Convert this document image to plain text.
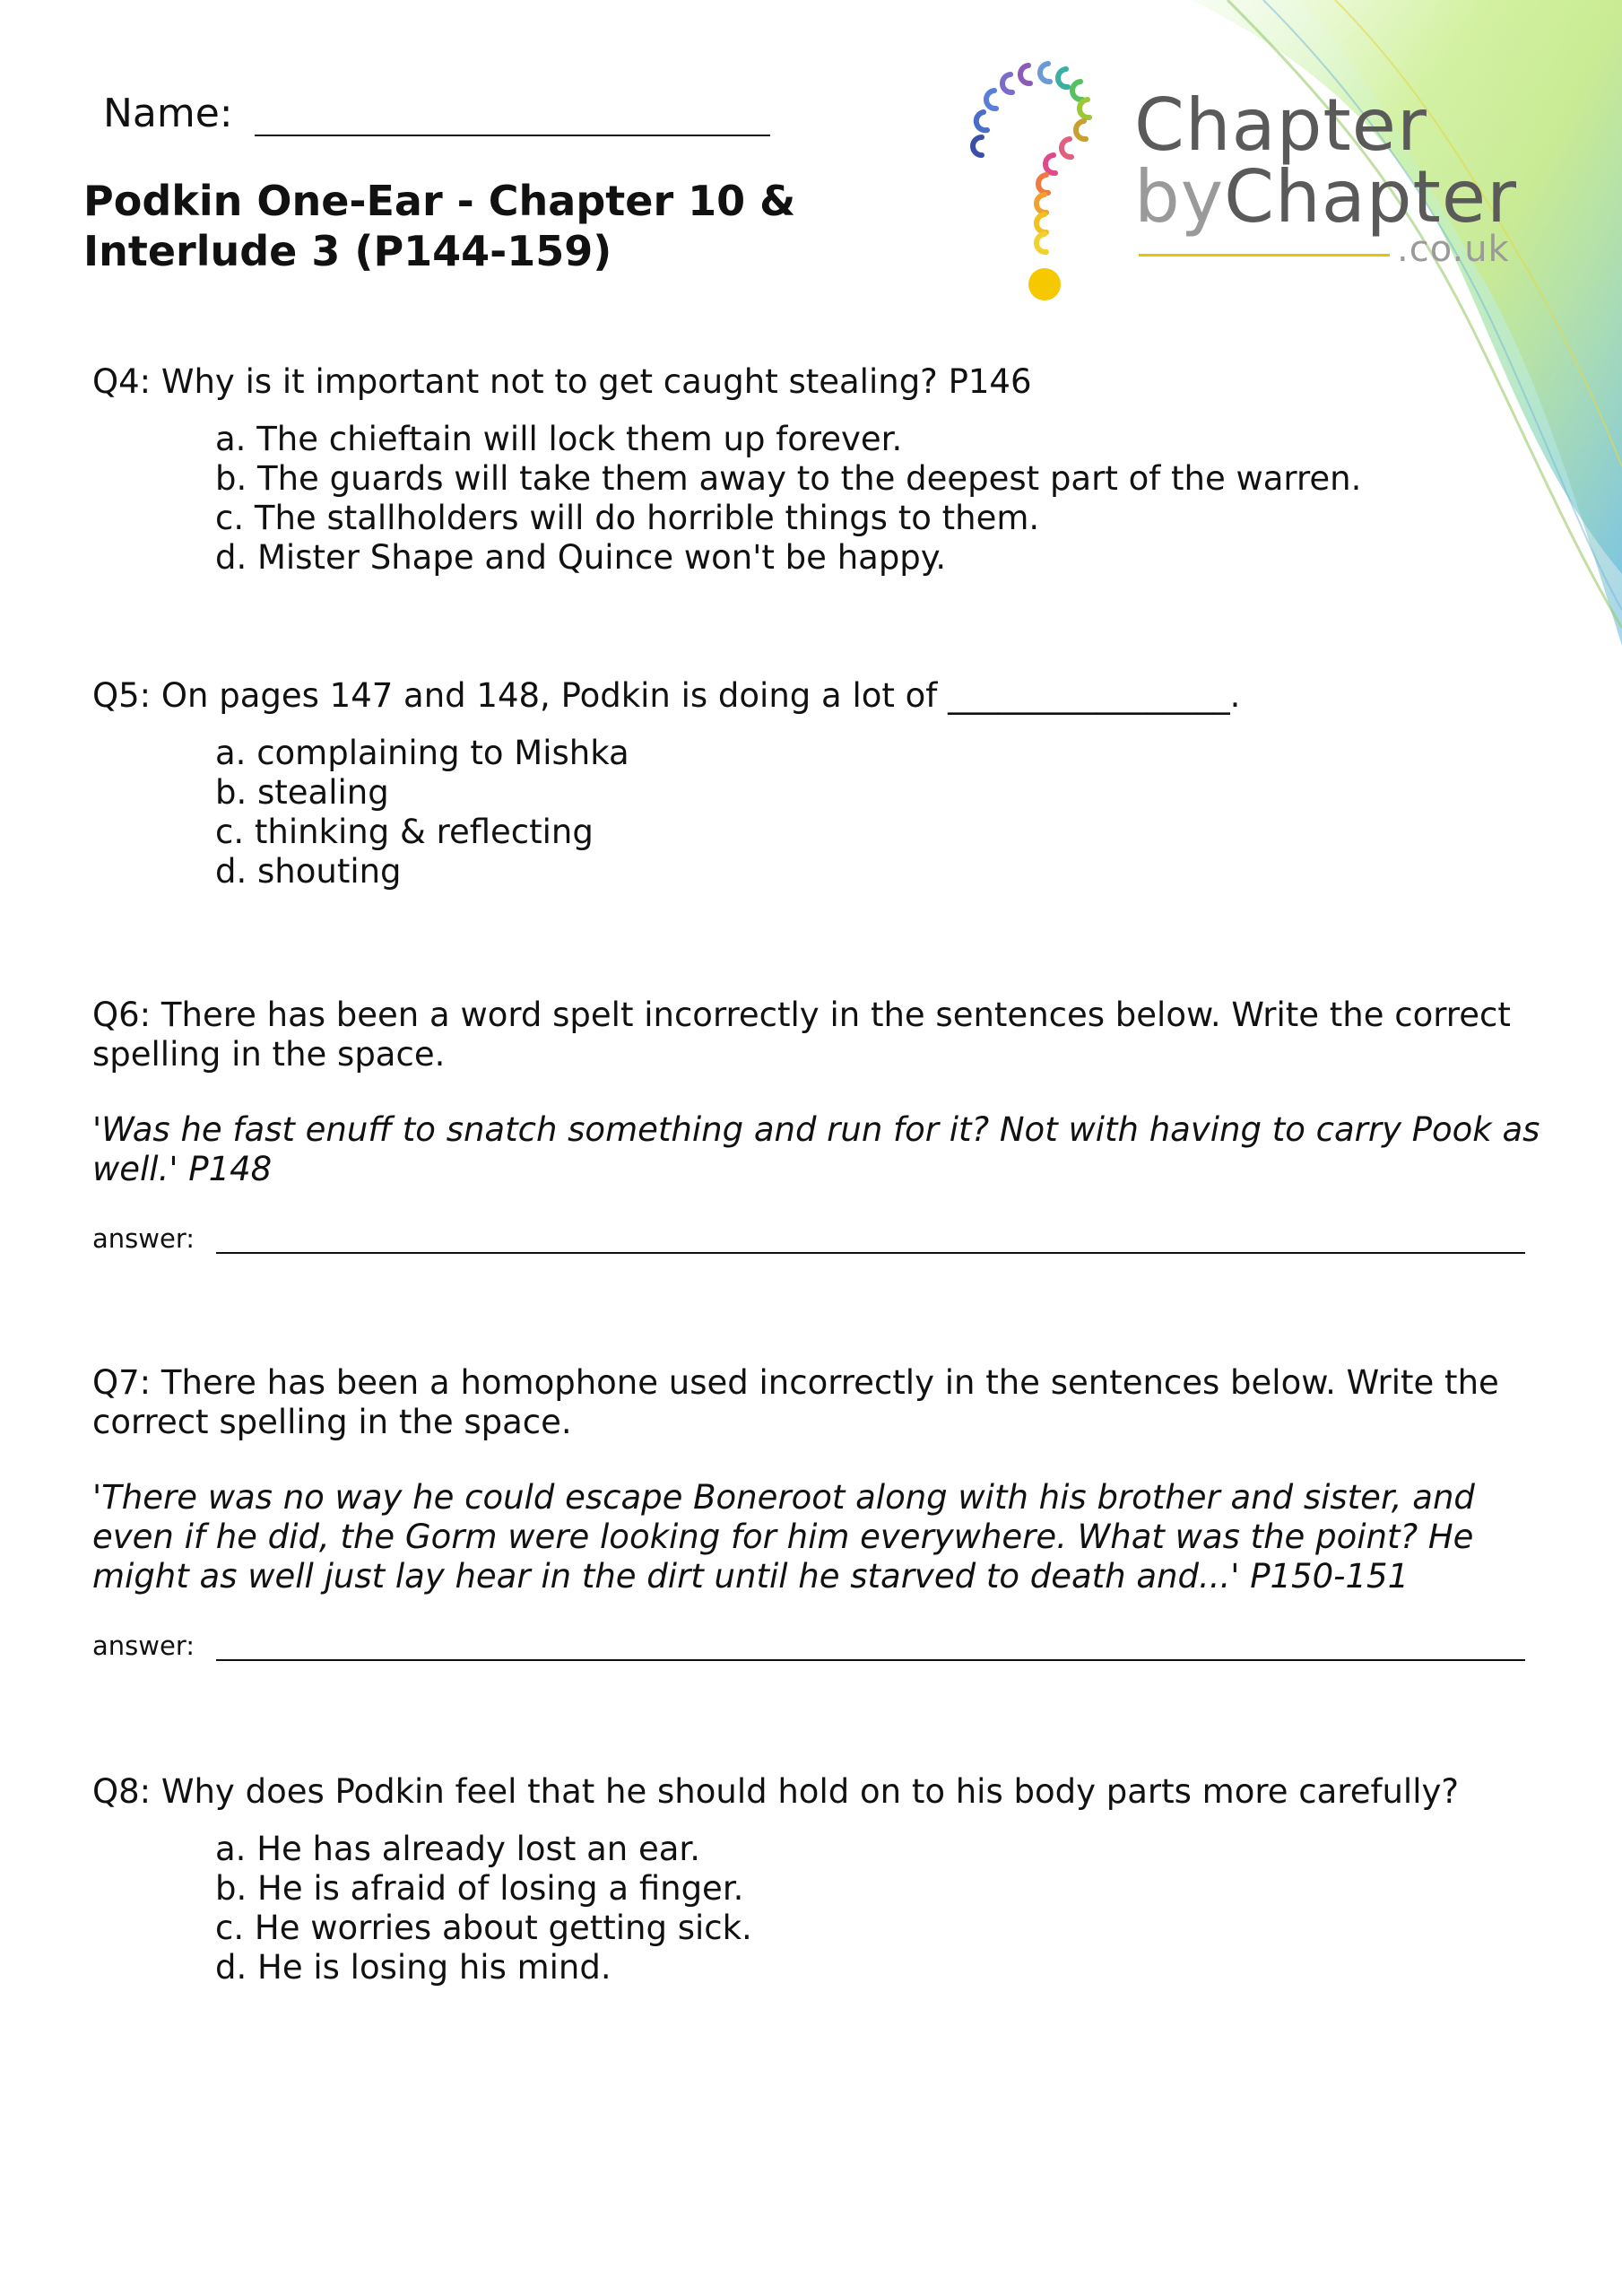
Name:
Podkin One-Ear - Chapter 10 & Interlude 3 (P144-159)
Chapter
byChapter
.co.uk

Q4: Why is it important not to get caught stealing? P146

a. The chieftain will lock them up forever.
b. The guards will take them away to the deepest part of the warren.
c. The stallholders will do horrible things to them.
d. Mister Shape and Quince won't be happy.

Q5: On pages 147 and 148, Podkin is doing a lot of _________________.

a. complaining to Mishka
b. stealing
c. thinking & reflecting
d. shouting

Q6: There has been a word spelt incorrectly in the sentences below. Write the correct spelling in the space.

'Was he fast enuff to snatch something and run for it? Not with having to carry Pook as well.' P148

answer:

Q7: There has been a homophone used incorrectly in the sentences below. Write the correct spelling in the space.

'There was no way he could escape Boneroot along with his brother and sister, and even if he did, the Gorm were looking for him everywhere. What was the point? He might as well just lay hear in the dirt until he starved to death and...' P150-151

answer:

Q8: Why does Podkin feel that he should hold on to his body parts more carefully?

a. He has already lost an ear.
b. He is afraid of losing a finger.
c. He worries about getting sick.
d. He is losing his mind.
